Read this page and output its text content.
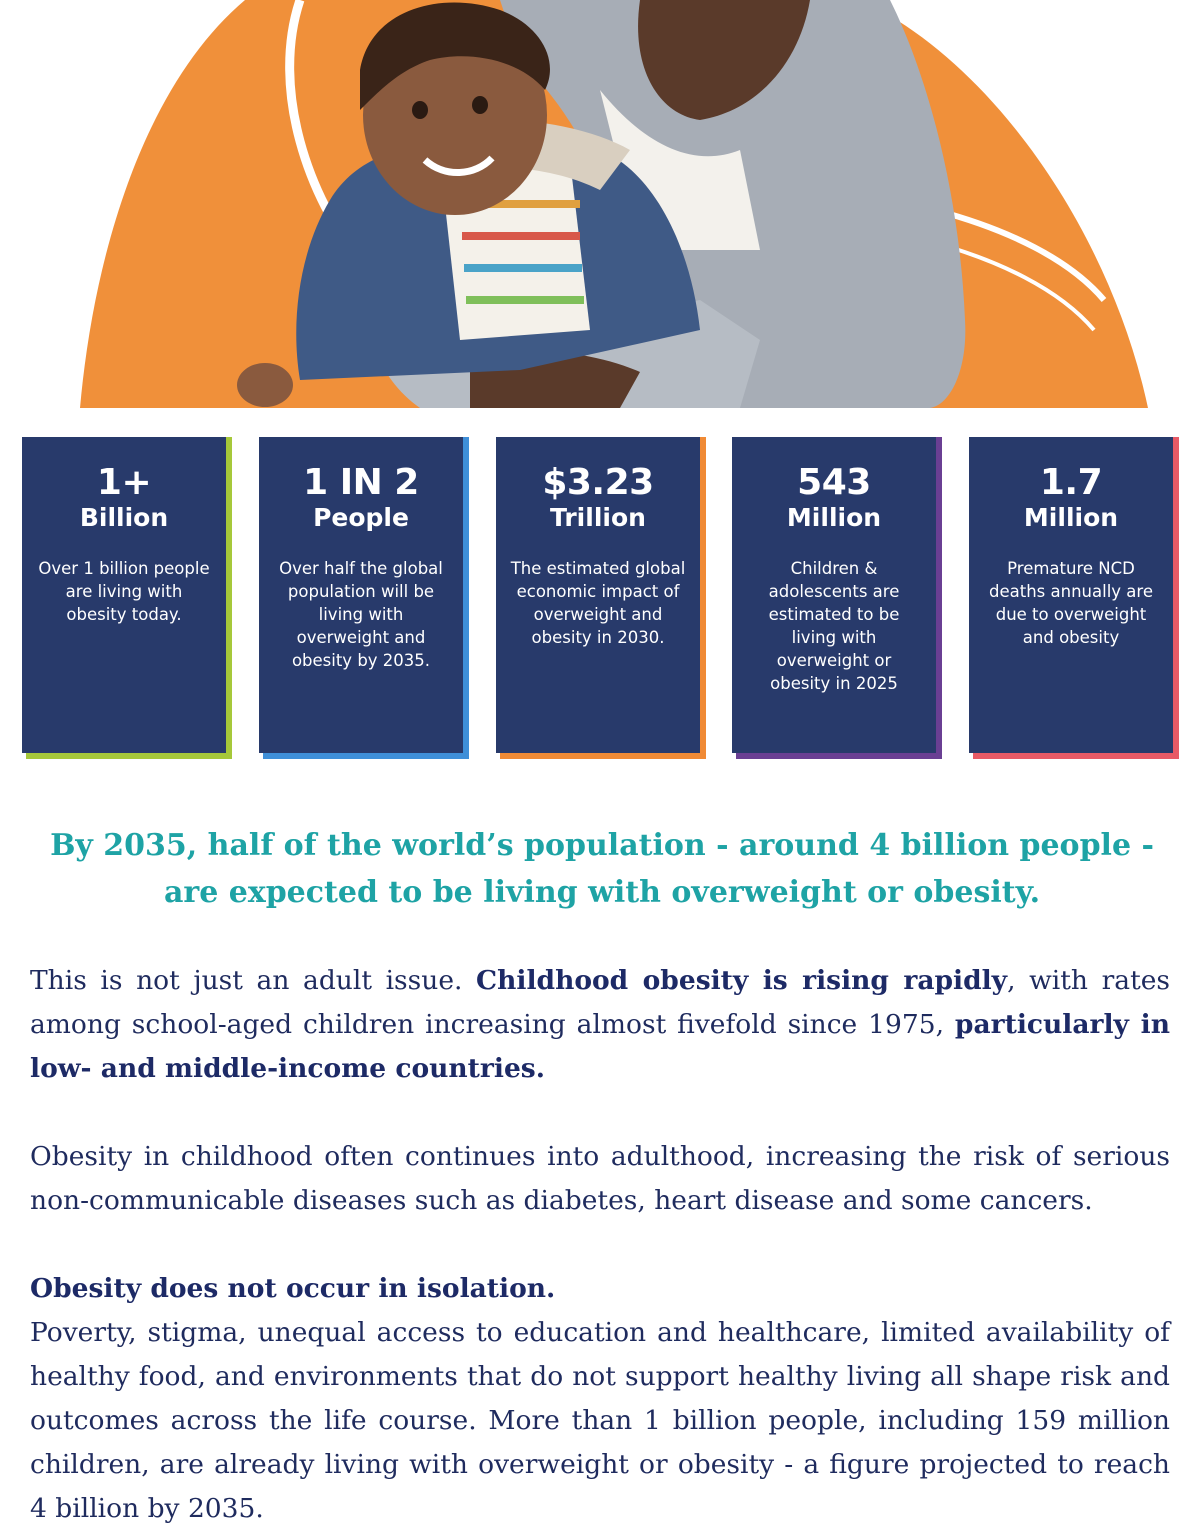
1+
Billion
Over 1 billion people are living with obesity today.
1 IN 2
People
Over half the global population will be living with overweight and obesity by 2035.
$3.23
Trillion
The estimated global economic impact of overweight and obesity in 2030.
543
Million
Children & adolescents are estimated to be living with overweight or obesity in 2025
1.7
Million
Premature NCD deaths annually are due to overweight and obesity
By 2035, half of the world’s population - around 4 billion people -
are expected to be living with overweight or obesity.
This is not just an adult issue. Childhood obesity is rising rapidly, with rates among school-aged children increasing almost fivefold since 1975, particularly in low- and middle-income countries.
Obesity in childhood often continues into adulthood, increasing the risk of serious non-communicable diseases such as diabetes, heart disease and some cancers.
Obesity does not occur in isolation.
Poverty, stigma, unequal access to education and healthcare, limited availability of healthy food, and environments that do not support healthy living all shape risk and outcomes across the life course. More than 1 billion people, including 159 million children, are already living with overweight or obesity - a figure projected to reach 4 billion by 2035.
